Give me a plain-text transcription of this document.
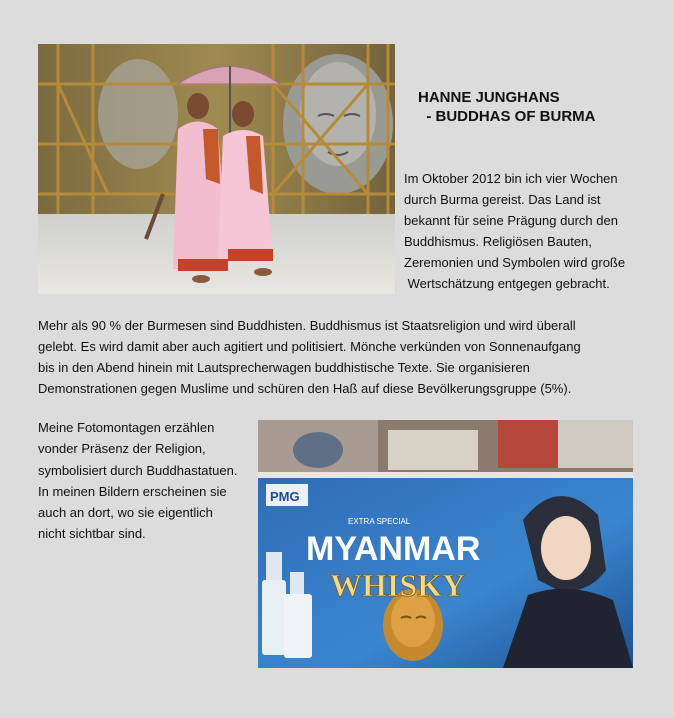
HANNE JUNGHANS
- BUDDHAS OF BURMA
Im Oktober 2012 bin ich vier Wochen
durch Burma gereist. Das Land ist
bekannt für seine Prägung durch den
Buddhismus. Religiösen Bauten,
Zeremonien und Symbolen wird große
Wertschätzung entgegen gebracht.
Mehr als 90 % der Burmesen sind Buddhisten. Buddhismus ist Staatsreligion und wird überall
gelebt. Es wird damit aber auch agitiert und politisiert. Mönche verkünden von Sonnenaufgang
bis in den Abend hinein mit Lautsprecherwagen buddhistische Texte. Sie organisieren
Demonstrationen gegen Muslime und schüren den Haß auf diese Bevölkerungsgruppe (5%).
Meine Fotomontagen erzählen
vonder Präsenz der Religion,
symbolisiert durch Buddhastatuen.
In meinen Bildern erscheinen sie
auch an dort, wo sie eigentlich
nicht sichtbar sind.
PMG
EXTRA SPECIAL
MYANMAR
WHISKY
